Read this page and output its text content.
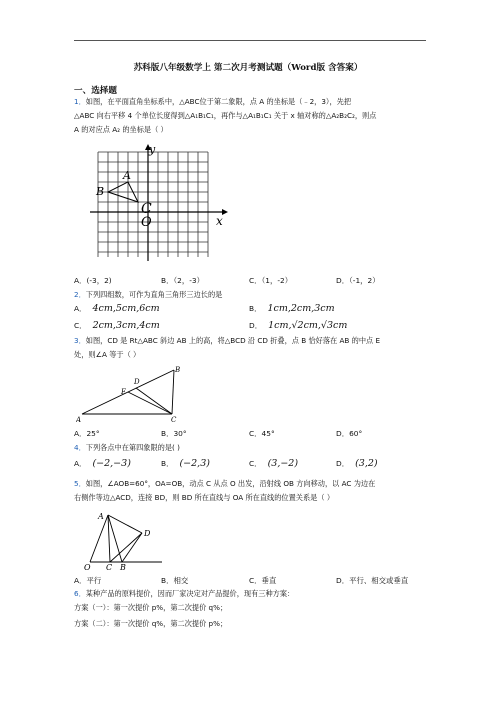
苏科版八年级数学上 第二次月考测试题（Word版 含答案）
一、选择题
1．如图，在平面直角坐标系中，△ABC位于第二象限，点 A 的坐标是（﹣2，3），先把
△ABC 向右平移 4 个单位长度得到△A₁B₁C₁，再作与△A₁B₁C₁ 关于 x 轴对称的△A₂B₂C₂，则点
A 的对应点 A₂ 的坐标是（ ）
y
x
A
B
C
O
A．(-3，2)	B．（2，-3）	C．（1，-2）	D．（-1，2）
2．下列四组数，可作为直角三角形三边长的是
A． 4cm,5cm,6cm	B． 1cm,2cm,3cm
C． 2cm,3cm,4cm	D． 1cm,√2cm,√3cm
3．如图，CD 是 Rt△ABC 斜边 AB 上的高，将△BCD 沿 CD 折叠，点 B 恰好落在 AB 的中点 E
处，则∠A 等于（ ）
A
B
C
D
E
A．25°	B．30°	C．45°	D．60°
4．下列各点中在第四象限的是( )
A． (−2,−3)	B． (−2,3)	C． (3,−2)	D． (3,2)
5．如图，∠AOB=60°，OA=OB，动点 C 从点 O 出发，沿射线 OB 方向移动，以 AC 为边在
右侧作等边△ACD，连接 BD，则 BD 所在直线与 OA 所在直线的位置关系是（ ）
A
O C B
D
A．平行	B．相交	C．垂直	D．平行、相交或垂直
6．某种产品的原料提价，因而厂家决定对产品提价，现有三种方案：
方案（一）：第一次提价 p%，第二次提价 q%；
方案（二）：第一次提价 q%，第二次提价 p%；
